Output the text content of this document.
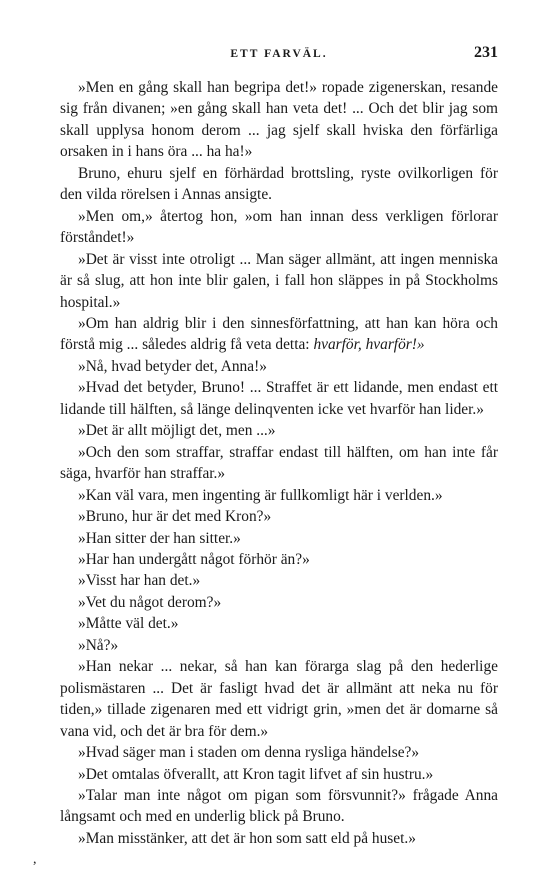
ETT FARVÄL.	231

»Men en gång skall han begripa det!» ropade zigenerskan, resande sig från divanen; »en gång skall han veta det! ... Och det blir jag som skall upplysa honom derom ... jag sjelf skall hviska den förfärliga orsaken in i hans öra ... ha ha!»

Bruno, ehuru sjelf en förhärdad brottsling, ryste ovilkorligen för den vilda rörelsen i Annas ansigte.

»Men om,» återtog hon, »om han innan dess verkligen förlorar förståndet!»

»Det är visst inte otroligt ... Man säger allmänt, att ingen menniska är så slug, att hon inte blir galen, i fall hon släppes in på Stockholms hospital.»

»Om han aldrig blir i den sinnesförfattning, att han kan höra och förstå mig ... således aldrig få veta detta: hvarför, hvarför!»

»Nå, hvad betyder det, Anna!»

»Hvad det betyder, Bruno! ... Straffet är ett lidande, men endast ett lidande till hälften, så länge delinqventen icke vet hvarför han lider.»

»Det är allt möjligt det, men ...»

»Och den som straffar, straffar endast till hälften, om han inte får säga, hvarför han straffar.»

»Kan väl vara, men ingenting är fullkomligt här i verlden.»

»Bruno, hur är det med Kron?»

»Han sitter der han sitter.»

»Har han undergått något förhör än?»

»Visst har han det.»

»Vet du något derom?»

»Måtte väl det.»

»Nå?»

»Han nekar ... nekar, så han kan förarga slag på den hederlige polismästaren ... Det är fasligt hvad det är allmänt att neka nu för tiden,» tillade zigenaren med ett vidrigt grin, »men det är domarne så vana vid, och det är bra för dem.»

»Hvad säger man i staden om denna rysliga händelse?»

»Det omtalas öfverallt, att Kron tagit lifvet af sin hustru.»

»Talar man inte något om pigan som försvunnit?» frågade Anna långsamt och med en underlig blick på Bruno.

»Man misstänker, att det är hon som satt eld på huset.»

,
